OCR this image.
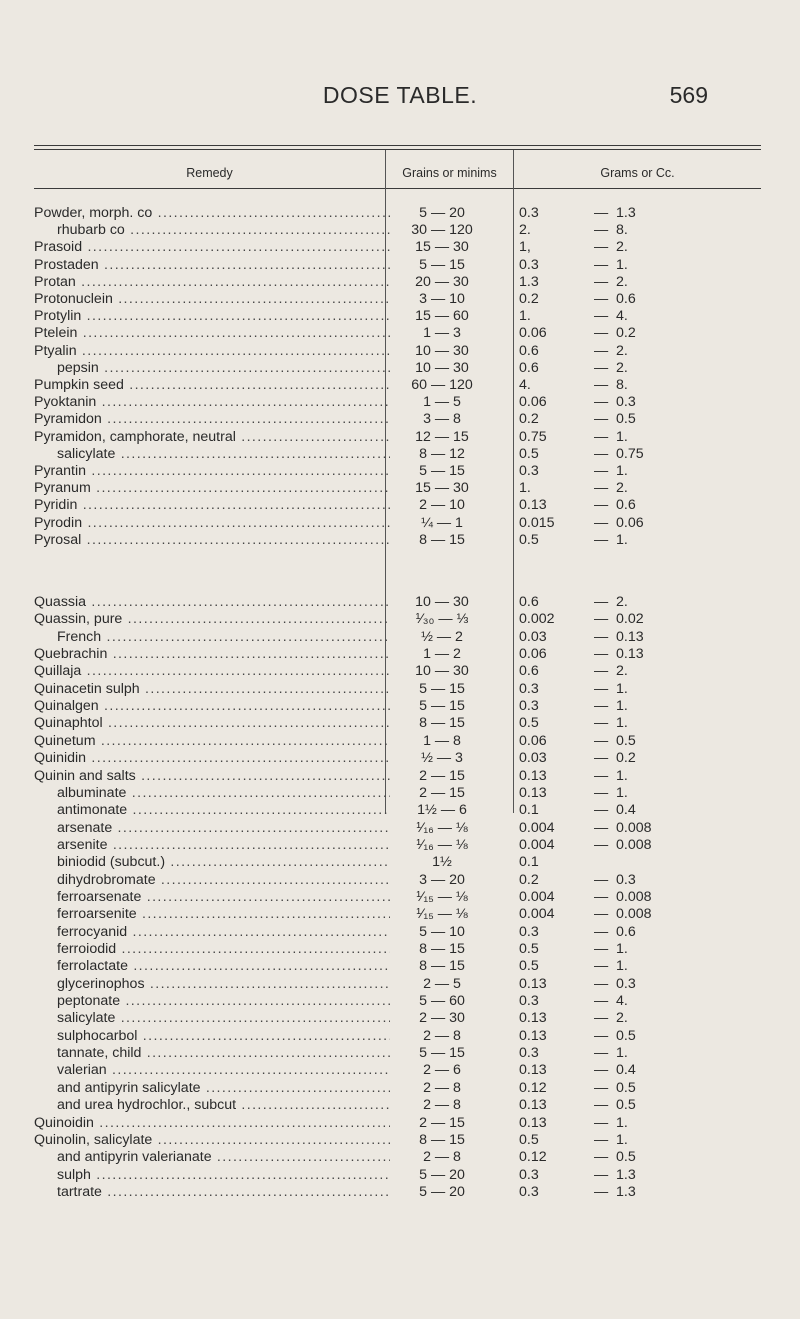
DOSE TABLE.	569
Remedy	Grains or minims	Grams or Cc.
Powder, morph. co .....	5 — 20	0.3	— 1.3
rhubarb co .....	30 — 120	2.	— 8.
Prasoid .....	15 — 30	1,	— 2.
Prostaden .....	5 — 15	0.3	— 1.
Protan .....	20 — 30	1.3	— 2.
Protonuclein .....	3 — 10	0.2	— 0.6
Protylin .....	15 — 60	1.	— 4.
Ptelein .....	1 — 3	0.06	— 0.2
Ptyalin .....	10 — 30	0.6	— 2.
pepsin .....	10 — 30	0.6	— 2.
Pumpkin seed .....	60 — 120	4.	— 8.
Pyoktanin .....	1 — 5	0.06	— 0.3
Pyramidon .....	3 — 8	0.2	— 0.5
Pyramidon, camphorate, neutral .....	12 — 15	0.75	— 1.
salicylate .....	8 — 12	0.5	— 0.75
Pyrantin .....	5 — 15	0.3	— 1.
Pyranum .....	15 — 30	1.	— 2.
Pyridin .....	2 — 10	0.13	— 0.6
Pyrodin .....	¼ — 1	0.015	— 0.06
Pyrosal .....	8 — 15	0.5	— 1.
Quassia .....	10 — 30	0.6	— 2.
Quassin, pure .....	¹⁄₃₀ — ⅓	0.002	— 0.02
French .....	½ — 2	0.03	— 0.13
Quebrachin .....	1 — 2	0.06	— 0.13
Quillaja .....	10 — 30	0.6	— 2.
Quinacetin sulph .....	5 — 15	0.3	— 1.
Quinalgen .....	5 — 15	0.3	— 1.
Quinaphtol .....	8 — 15	0.5	— 1.
Quinetum .....	1 — 8	0.06	— 0.5
Quinidin .....	½ — 3	0.03	— 0.2
Quinin and salts .....	2 — 15	0.13	— 1.
albuminate .....	2 — 15	0.13	— 1.
antimonate .....	1½ — 6	0.1	— 0.4
arsenate .....	¹⁄₁₆ — ⅛	0.004	— 0.008
arsenite .....	¹⁄₁₆ — ⅛	0.004	— 0.008
biniodid (subcut.) .....	1½	0.1
dihydrobromate .....	3 — 20	0.2	— 0.3
ferroarsenate .....	¹⁄₁₅ — ⅛	0.004	— 0.008
ferroarsenite .....	¹⁄₁₅ — ⅛	0.004	— 0.008
ferrocyanid .....	5 — 10	0.3	— 0.6
ferroiodid .....	8 — 15	0.5	— 1.
ferrolactate .....	8 — 15	0.5	— 1.
glycerinophos .....	2 — 5	0.13	— 0.3
peptonate .....	5 — 60	0.3	— 4.
salicylate .....	2 — 30	0.13	— 2.
sulphocarbol .....	2 — 8	0.13	— 0.5
tannate, child .....	5 — 15	0.3	— 1.
valerian .....	2 — 6	0.13	— 0.4
and antipyrin salicylate .....	2 — 8	0.12	— 0.5
and urea hydrochlor., subcut .....	2 — 8	0.13	— 0.5
Quinoidin .....	2 — 15	0.13	— 1.
Quinolin, salicylate .....	8 — 15	0.5	— 1.
and antipyrin valerianate .....	2 — 8	0.12	— 0.5
sulph .....	5 — 20	0.3	— 1.3
tartrate .....	5 — 20	0.3	— 1.3
